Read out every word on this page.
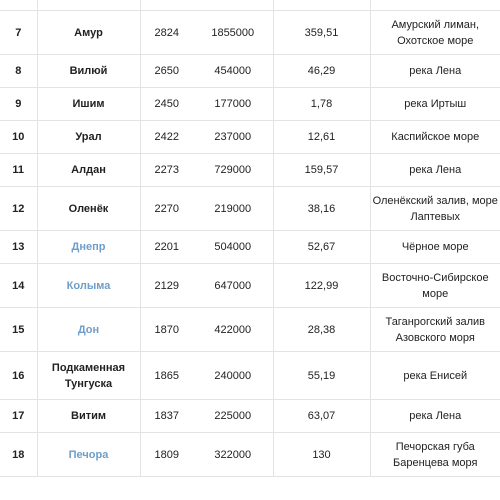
7	Амур	2824	1855000	359,51	Амурский лиман, Охотское море
8	Вилюй	2650	454000	46,29	река Лена
9	Ишим	2450	177000	1,78	река Иртыш
10	Урал	2422	237000	12,61	Каспийское море
11	Алдан	2273	729000	159,57	река Лена
12	Оленёк	2270	219000	38,16	Оленёкский залив, море Лаптевых
13	Днепр	2201	504000	52,67	Чёрное море
14	Колыма	2129	647000	122,99	Восточно-Сибирское море
15	Дон	1870	422000	28,38	Таганрогский залив Азовского моря
16	Подкаменная Тунгуска	1865	240000	55,19	река Енисей
17	Витим	1837	225000	63,07	река Лена
18	Печора	1809	322000	130	Печорская губа Баренцева моря
